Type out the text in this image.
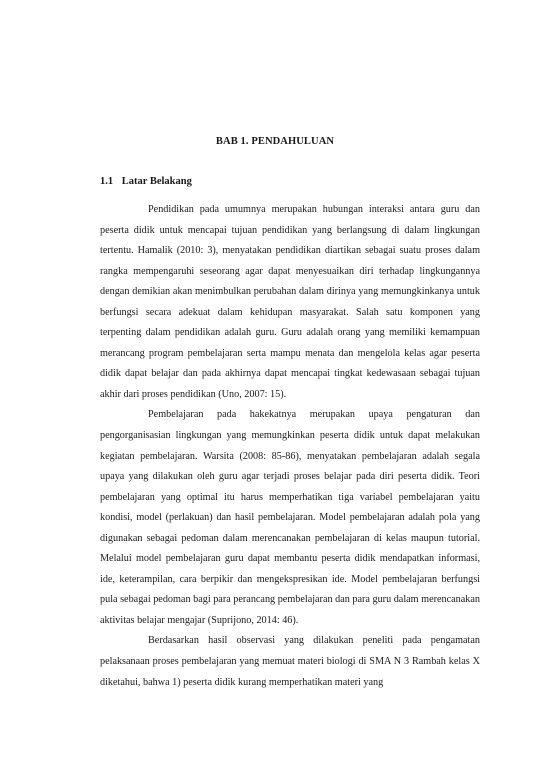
BAB 1. PENDAHULUAN
1.1 Latar Belakang

Pendidikan pada umumnya merupakan hubungan interaksi antara guru dan peserta didik untuk mencapai tujuan pendidikan yang berlangsung di dalam lingkungan tertentu. Hamalik (2010: 3), menyatakan pendidikan diartikan sebagai suatu proses dalam rangka mempengaruhi seseorang agar dapat menyesuaikan diri terhadap lingkungannya dengan demikian akan menimbulkan perubahan dalam dirinya yang memungkinkanya untuk berfungsi secara adekuat dalam kehidupan masyarakat. Salah satu komponen yang terpenting dalam pendidikan adalah guru. Guru adalah orang yang memiliki kemampuan merancang program pembelajaran serta mampu menata dan mengelola kelas agar peserta didik dapat belajar dan pada akhirnya dapat mencapai tingkat kedewasaan sebagai tujuan akhir dari proses pendidikan (Uno, 2007: 15).

Pembelajaran pada hakekatnya merupakan upaya pengaturan dan pengorganisasian lingkungan yang memungkinkan peserta didik untuk dapat melakukan kegiatan pembelajaran. Warsita (2008: 85-86), menyatakan pembelajaran adalah segala upaya yang dilakukan oleh guru agar terjadi proses belajar pada diri peserta didik. Teori pembelajaran yang optimal itu harus memperhatikan tiga variabel pembelajaran yaitu kondisi, model (perlakuan) dan hasil pembelajaran. Model pembelajaran adalah pola yang digunakan sebagai pedoman dalam merencanakan pembelajaran di kelas maupun tutorial. Melalui model pembelajaran guru dapat membantu peserta didik mendapatkan informasi, ide, keterampilan, cara berpikir dan mengekspresikan ide. Model pembelajaran berfungsi pula sebagai pedoman bagi para perancang pembelajaran dan para guru dalam merencanakan aktivitas belajar mengajar (Suprijono, 2014: 46).

Berdasarkan hasil observasi yang dilakukan peneliti pada pengamatan pelaksanaan proses pembelajaran yang memuat materi biologi di SMA N 3 Rambah kelas X diketahui, bahwa 1) peserta didik kurang memperhatikan materi yang
